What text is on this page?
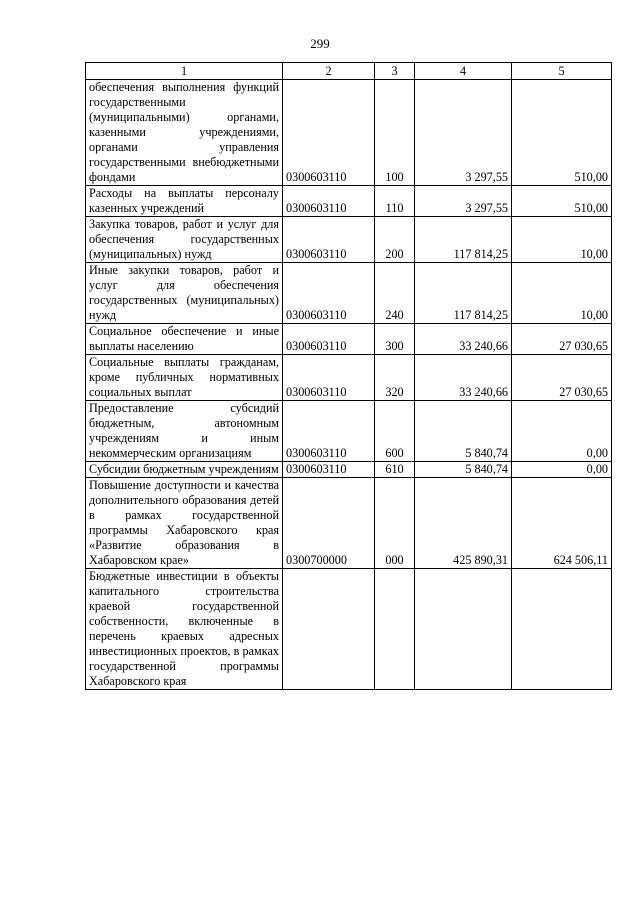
299
1	2	3	4	5
обеспечения выполнения функций государственными (муниципальными) органами, казенными учреждениями, органами управления государственными внебюджетными фондами	0300603110	100	3 297,55	510,00
Расходы на выплаты персоналу казенных учреждений	0300603110	110	3 297,55	510,00
Закупка товаров, работ и услуг для обеспечения государственных (муниципальных) нужд	0300603110	200	117 814,25	10,00
Иные закупки товаров, работ и услуг для обеспечения государственных (муниципальных) нужд	0300603110	240	117 814,25	10,00
Социальное обеспечение и иные выплаты населению	0300603110	300	33 240,66	27 030,65
Социальные выплаты гражданам, кроме публичных нормативных социальных выплат	0300603110	320	33 240,66	27 030,65
Предоставление субсидий бюджетным, автономным учреждениям и иным некоммерческим организациям	0300603110	600	5 840,74	0,00
Субсидии бюджетным учреждениям	0300603110	610	5 840,74	0,00
Повышение доступности и качества дополнительного образования детей в рамках государственной программы Хабаровского края «Развитие образования в Хабаровском крае»	0300700000	000	425 890,31	624 506,11
Бюджетные инвестиции в объекты капитального строительства краевой государственной собственности, включенные в перечень краевых адресных инвестиционных проектов, в рамках государственной программы Хабаровского края				
